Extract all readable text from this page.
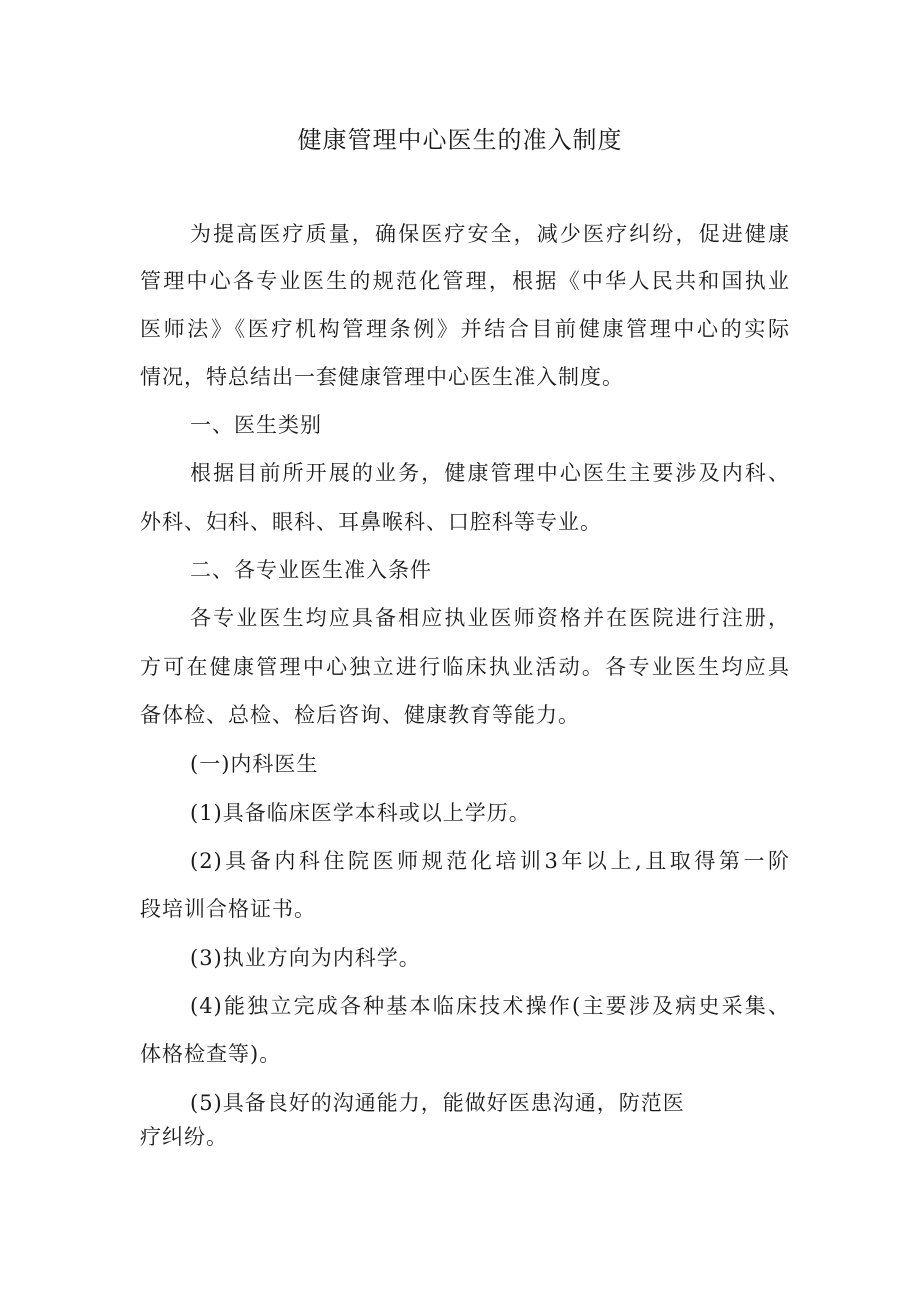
健康管理中心医生的准入制度
为提高医疗质量，确保医疗安全，减少医疗纠纷，促进健康
管理中心各专业医生的规范化管理，根据《中华人民共和国执业
医师法》《医疗机构管理条例》并结合目前健康管理中心的实际
情况，特总结出一套健康管理中心医生准入制度。
一、医生类别
根据目前所开展的业务，健康管理中心医生主要涉及内科、
外科、妇科、眼科、耳鼻喉科、口腔科等专业。
二、各专业医生准入条件
各专业医生均应具备相应执业医师资格并在医院进行注册，
方可在健康管理中心独立进行临床执业活动。各专业医生均应具
备体检、总检、检后咨询、健康教育等能力。
(一)内科医生
(1)具备临床医学本科或以上学历。
(2)具备内科住院医师规范化培训3年以上,且取得第一阶
段培训合格证书。
(3)执业方向为内科学。
(4)能独立完成各种基本临床技术操作(主要涉及病史采集、
体格检查等)。
(5)具备良好的沟通能力，能做好医患沟通，防范医
疗纠纷。
